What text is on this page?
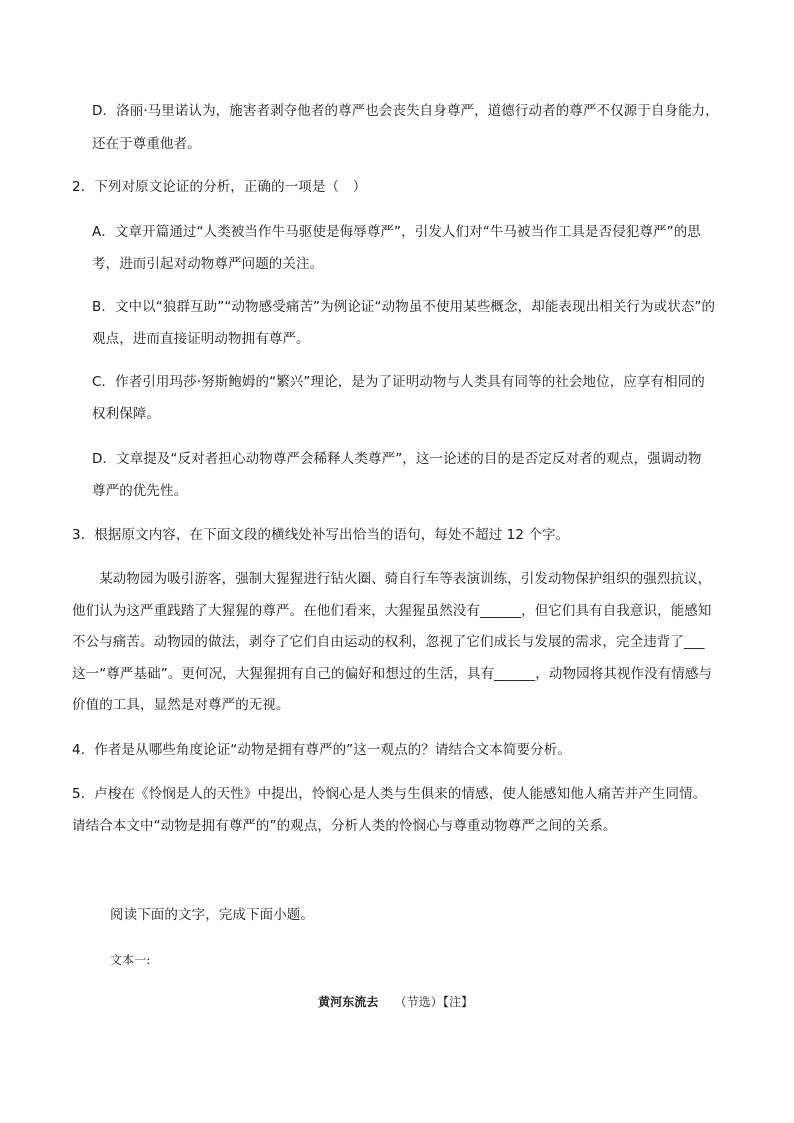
D．洛丽·马里诺认为，施害者剥夺他者的尊严也会丧失自身尊严，道德行动者的尊严不仅源于自身能力，
还在于尊重他者。
2．下列对原文论证的分析，正确的一项是（　）
A．文章开篇通过“人类被当作牛马驱使是侮辱尊严”，引发人们对“牛马被当作工具是否侵犯尊严”的思
考，进而引起对动物尊严问题的关注。
B．文中以“狼群互助”“动物感受痛苦”为例论证“动物虽不使用某些概念，却能表现出相关行为或状态”的
观点，进而直接证明动物拥有尊严。
C．作者引用玛莎·努斯鲍姆的“繁兴”理论，是为了证明动物与人类具有同等的社会地位，应享有相同的
权利保障。
D．文章提及“反对者担心动物尊严会稀释人类尊严”，这一论述的目的是否定反对者的观点，强调动物
尊严的优先性。
3．根据原文内容，在下面文段的横线处补写出恰当的语句，每处不超过 12 个字。
　　某动物园为吸引游客，强制大猩猩进行钻火圈、骑自行车等表演训练，引发动物保护组织的强烈抗议，
他们认为这严重践踏了大猩猩的尊严。在他们看来，大猩猩虽然没有______，但它们具有自我意识，能感知
不公与痛苦。动物园的做法，剥夺了它们自由运动的权利，忽视了它们成长与发展的需求，完全违背了___
这一“尊严基础”。更何况，大猩猩拥有自己的偏好和想过的生活，具有______，动物园将其视作没有情感与
价值的工具，显然是对尊严的无视。
4．作者是从哪些角度论证“动物是拥有尊严的”这一观点的？请结合文本简要分析。
5．卢梭在《怜悯是人的天性》中提出，怜悯心是人类与生俱来的情感，使人能感知他人痛苦并产生同情。
请结合本文中“动物是拥有尊严的”的观点，分析人类的怜悯心与尊重动物尊严之间的关系。
阅读下面的文字，完成下面小题。
文本一:
黄河东流去 （节选）【注】
